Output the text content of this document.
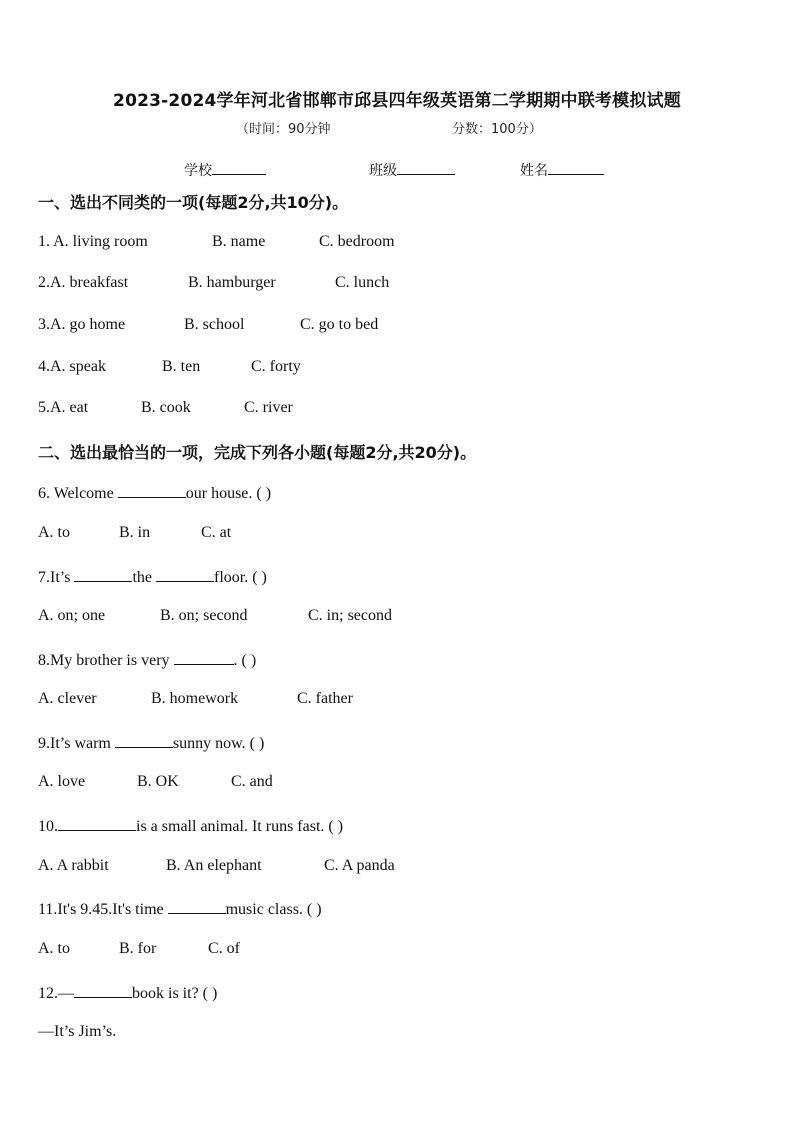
2023-2024学年河北省邯郸市邱县四年级英语第二学期期中联考模拟试题
（时间：90分钟	分数：100分）
学校	班级	姓名
一、选出不同类的一项(每题2分,共10分)。
1. A. living room	B. name	C. bedroom
2.A. breakfast	B. hamburger	C. lunch
3.A. go home	B. school	C. go to bed
4.A. speak	B. ten	C. forty
5.A. eat	B. cook	C. river
二、选出最恰当的一项，完成下列各小题(每题2分,共20分)。
6. Welcome	our house. ( )
A. to	B. in	C. at
7.It’s	the	floor. ( )
A. on; one	B. on; second	C. in; second
8.My brother is very	. ( )
A. clever	B. homework	C. father
9.It’s warm	sunny now. ( )
A. love	B. OK	C. and
10.	is a small animal. It runs fast. ( )
A. A rabbit	B. An elephant	C. A panda
11.It's 9.45.It's time	music class. ( )
A. to	B. for	C. of
12.—	book is it? ( )
—It’s Jim’s.
